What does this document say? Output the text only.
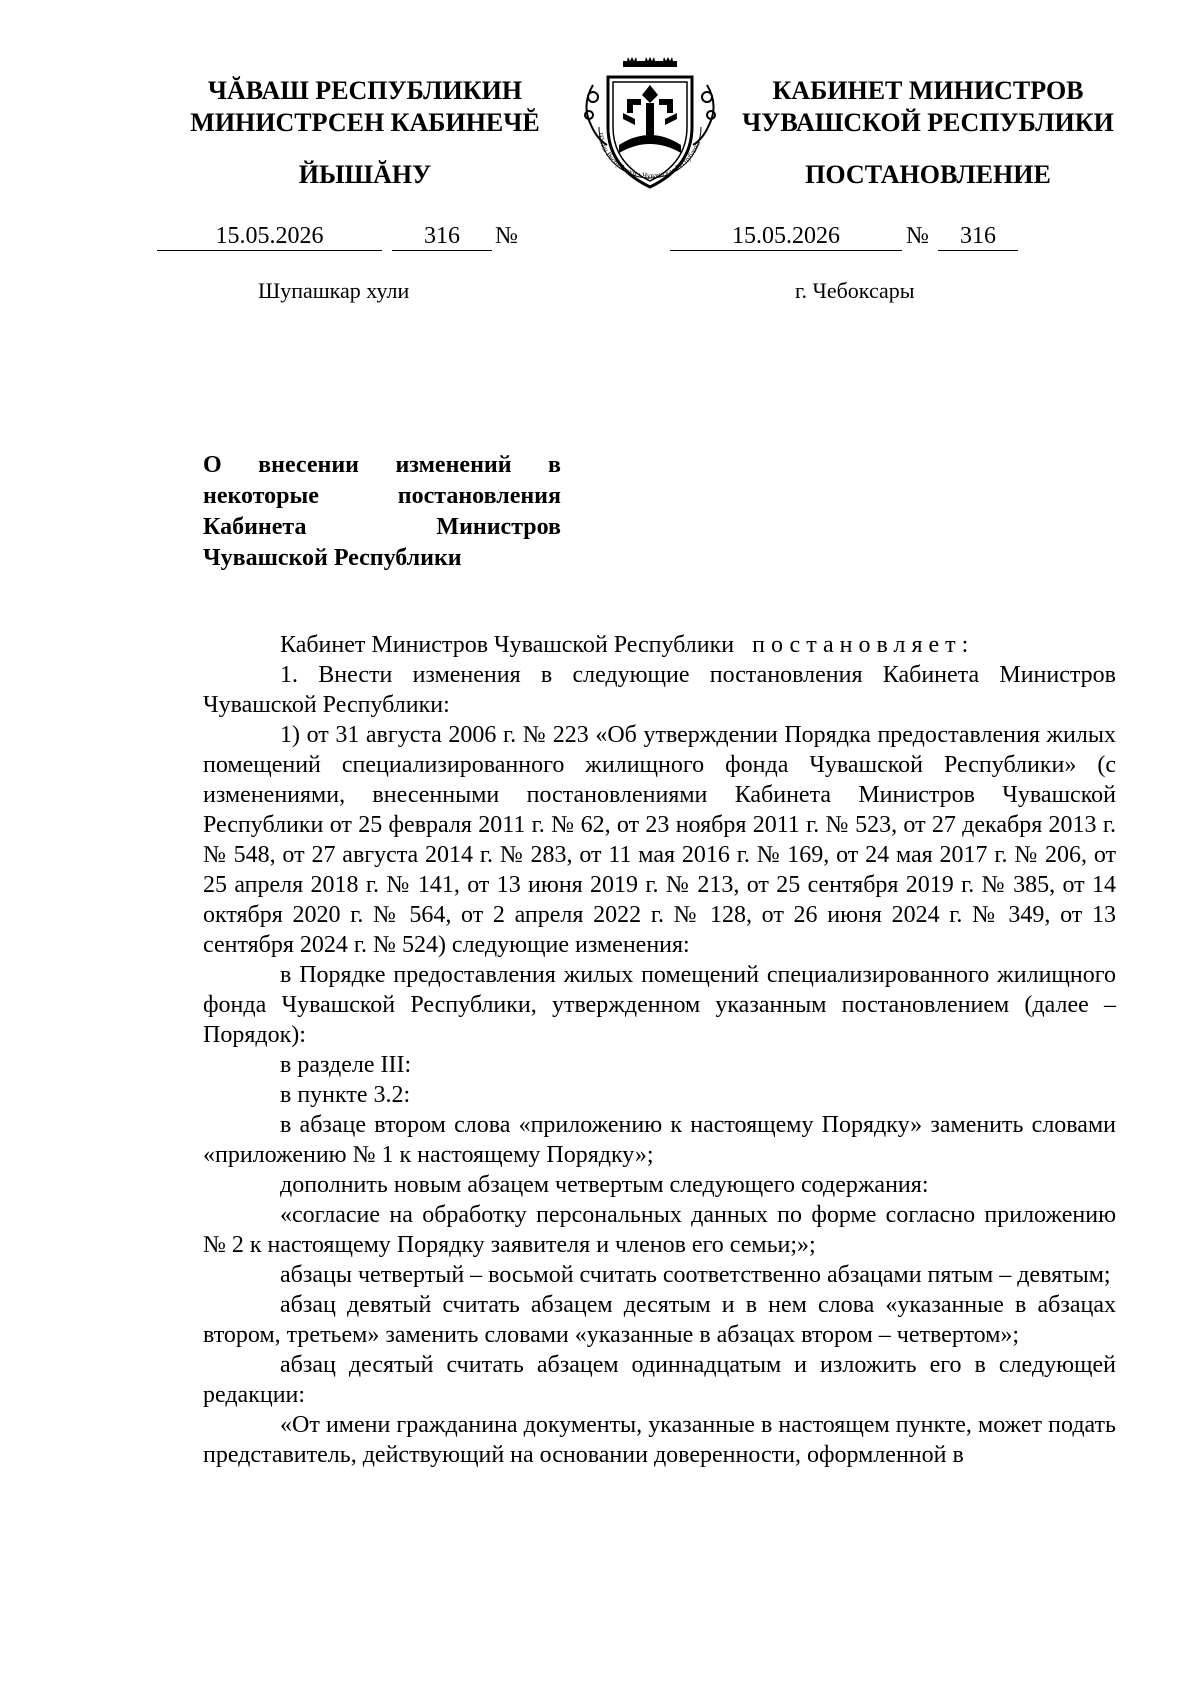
ЧĂВАШ РЕСПУБЛИКИН
МИНИСТРСЕН КАБИНЕЧĔ
ЙЫШĂНУ
КАБИНЕТ МИНИСТРОВ
ЧУВАШСКОЙ РЕСПУБЛИКИ
ПОСТАНОВЛЕНИЕ
Чăваш Республики • Чувашская Республика
15.05.2026	316	№	15.05.2026	№	316
Шупашкар хули	г. Чебоксары
О внесении изменений в некоторые постановления Кабинета Министров Чувашской Республики

Кабинет Министров Чувашской Республики постановляет:

1. Внести изменения в следующие постановления Кабинета Министров Чувашской Республики:

1) от 31 августа 2006 г. № 223 «Об утверждении Порядка предоставления жилых помещений специализированного жилищного фонда Чувашской Республики» (с изменениями, внесенными постановлениями Кабинета Министров Чувашской Республики от 25 февраля 2011 г. № 62, от 23 ноября 2011 г. № 523, от 27 декабря 2013 г. № 548, от 27 августа 2014 г. № 283, от 11 мая 2016 г. № 169, от 24 мая 2017 г. № 206, от 25 апреля 2018 г. № 141, от 13 июня 2019 г. № 213, от 25 сентября 2019 г. № 385, от 14 октября 2020 г. № 564, от 2 апреля 2022 г. № 128, от 26 июня 2024 г. № 349, от 13 сентября 2024 г. № 524) следующие изменения:

в Порядке предоставления жилых помещений специализированного жилищного фонда Чувашской Республики, утвержденном указанным постановлением (далее – Порядок):

в разделе III:

в пункте 3.2:

в абзаце втором слова «приложению к настоящему Порядку» заменить словами «приложению № 1 к настоящему Порядку»;

дополнить новым абзацем четвертым следующего содержания:

«согласие на обработку персональных данных по форме согласно приложению № 2 к настоящему Порядку заявителя и членов его семьи;»;

абзацы четвертый – восьмой считать соответственно абзацами пятым – девятым;

абзац девятый считать абзацем десятым и в нем слова «указанные в абзацах втором, третьем» заменить словами «указанные в абзацах втором – четвертом»;

абзац десятый считать абзацем одиннадцатым и изложить его в следующей редакции:

«От имени гражданина документы, указанные в настоящем пункте, может подать представитель, действующий на основании доверенности, оформленной в
